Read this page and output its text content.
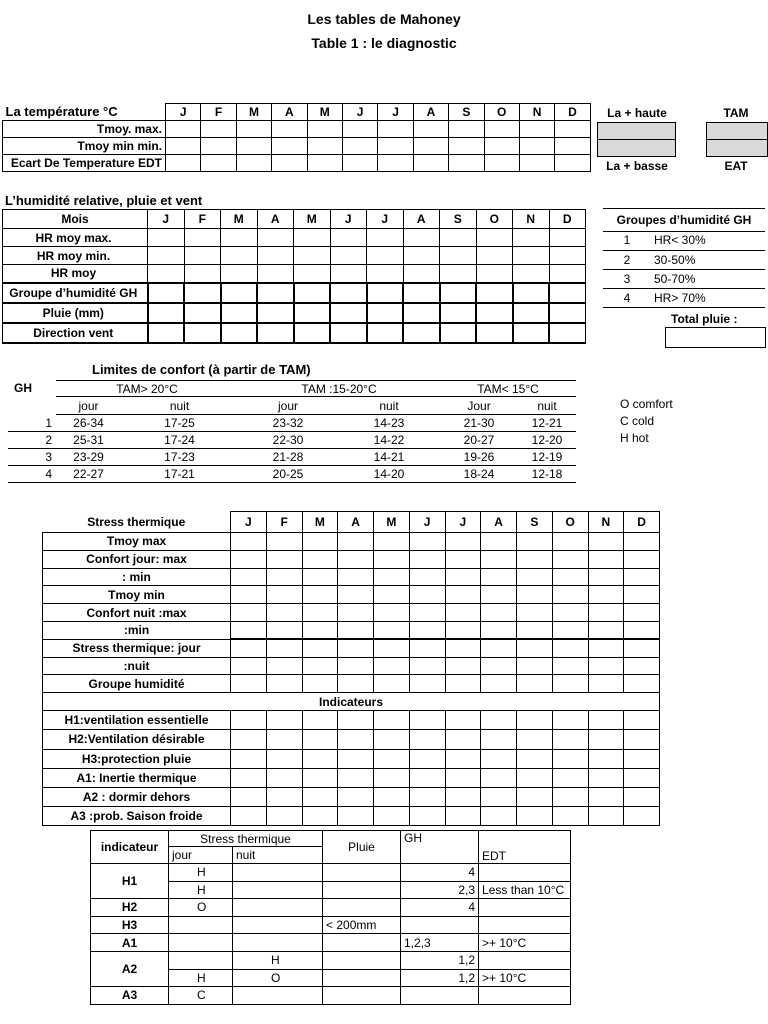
Les tables de Mahoney
Table 1 : le diagnostic
La température °C	J	F	M	A	M	J	J	A	S	O	N	D
Tmoy. max.												
Tmoy min min.												
Ecart De Temperature EDT												
La + haute	TAM
La + basse	EAT
L’humidité relative, pluie et vent
Mois	J	F	M	A	M	J	J	A	S	O	N	D
HR moy max.												
HR moy min.												
HR moy												
Groupe d’humidité GH												
Pluie (mm)												
Direction vent												
Groupes d’humidité GH
1	HR< 30%
2	30-50%
3	50-70%
4	HR> 70%
Total pluie :
Limites de confort (à partir de TAM)
GH	TAM> 20°C		TAM :15-20°C		TAM< 15°C	
	jour	nuit	jour	nuit	Jour	nuit
1	26-34	17-25	23-32	14-23	21-30	12-21
2	25-31	17-24	22-30	14-22	20-27	12-20
3	23-29	17-23	21-28	14-21	19-26	12-19
4	22-27	17-21	20-25	14-20	18-24	12-18
O comfort
C cold
H hot
Stress thermique	J	F	M	A	M	J	J	A	S	O	N	D
Tmoy max												
Confort jour: max												
: min												
Tmoy min												
Confort nuit :max												
:min												
Stress thermique: jour												
:nuit												
Groupe humidité												
Indicateurs												
H1:ventilation essentielle												
H2:Ventilation désirable												
H3:protection pluie												
A1: Inertie thermique												
A2 : dormir dehors												
A3 :prob. Saison froide												
indicateur	Stress thermique		Pluie	GH	EDT
	jour	nuit			
H1	H			4	
	H			2,3	Less than 10°C
H2	O			4	
H3			< 200mm		
A1				1,2,3	>+ 10°C
A2		H		1,2	
	H	O		1,2	>+ 10°C
A3	C				
